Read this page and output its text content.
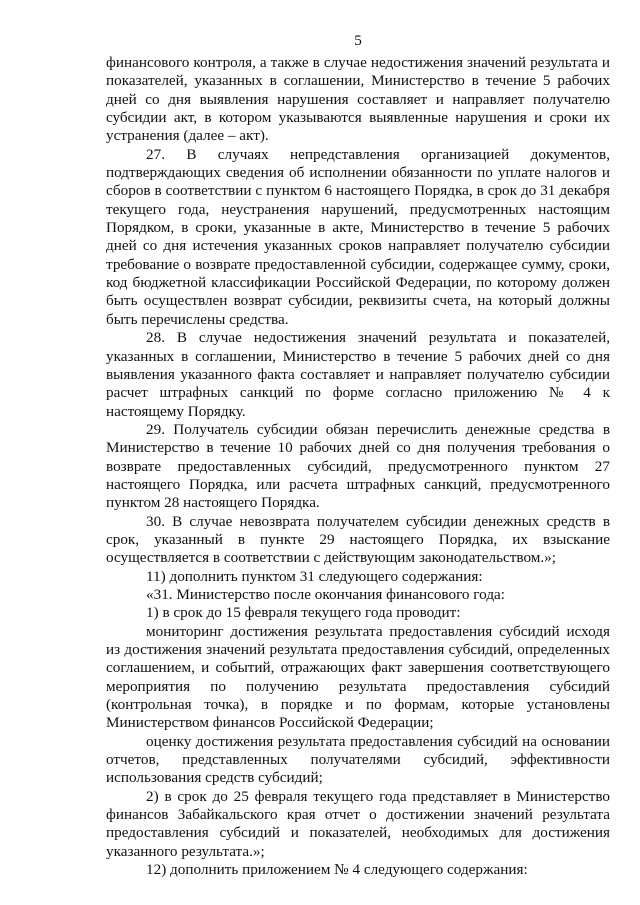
5

финансового контроля, а также в случае недостижения значений результата и показателей, указанных в соглашении, Министерство в течение 5 рабочих дней со дня выявления нарушения составляет и направляет получателю субсидии акт, в котором указываются выявленные нарушения и сроки их устранения (далее – акт).

27. В случаях непредставления организацией документов, подтверждающих сведения об исполнении обязанности по уплате налогов и сборов в соответствии с пунктом 6 настоящего Порядка, в срок до 31 декабря текущего года, неустранения нарушений, предусмотренных настоящим Порядком, в сроки, указанные в акте, Министерство в течение 5 рабочих дней со дня истечения указанных сроков направляет получателю субсидии требование о возврате предоставленной субсидии, содержащее сумму, сроки, код бюджетной классификации Российской Федерации, по которому должен быть осуществлен возврат субсидии, реквизиты счета, на который должны быть перечислены средства.

28. В случае недостижения значений результата и показателей, указанных в соглашении, Министерство в течение 5 рабочих дней со дня выявления указанного факта составляет и направляет получателю субсидии расчет штрафных санкций по форме согласно приложению № 4 к настоящему Порядку.

29. Получатель субсидии обязан перечислить денежные средства в Министерство в течение 10 рабочих дней со дня получения требования о возврате предоставленных субсидий, предусмотренного пунктом 27 настоящего Порядка, или расчета штрафных санкций, предусмотренного пунктом 28 настоящего Порядка.

30. В случае невозврата получателем субсидии денежных средств в срок, указанный в пункте 29 настоящего Порядка, их взыскание осуществляется в соответствии с действующим законодательством.»;

11) дополнить пунктом 31 следующего содержания:

«31. Министерство после окончания финансового года:

1) в срок до 15 февраля текущего года проводит:

мониторинг достижения результата предоставления субсидий исходя из достижения значений результата предоставления субсидий, определенных соглашением, и событий, отражающих факт завершения соответствующего мероприятия по получению результата предоставления субсидий (контрольная точка), в порядке и по формам, которые установлены Министерством финансов Российской Федерации;

оценку достижения результата предоставления субсидий на основании отчетов, представленных получателями субсидий, эффективности использования средств субсидий;

2) в срок до 25 февраля текущего года представляет в Министерство финансов Забайкальского края отчет о достижении значений результата предоставления субсидий и показателей, необходимых для достижения указанного результата.»;

12) дополнить приложением № 4 следующего содержания:
